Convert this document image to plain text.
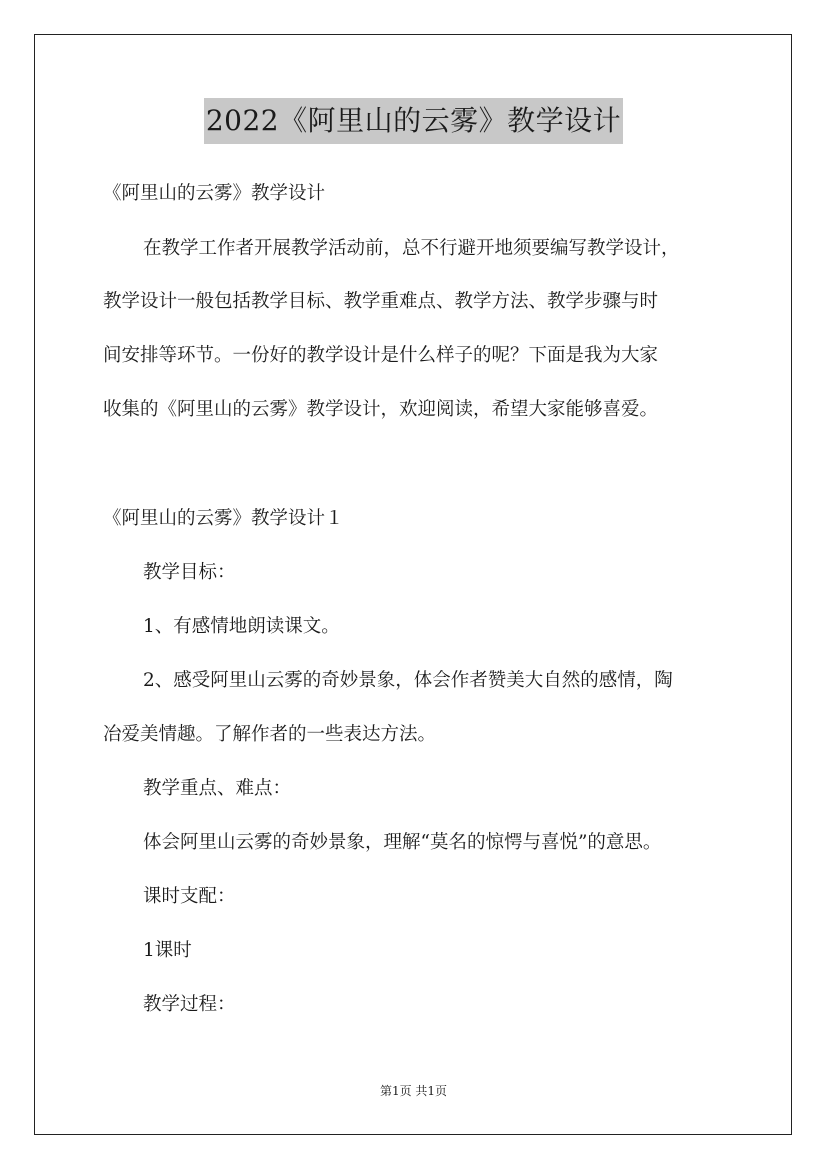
2022《阿里山的云雾》教学设计
《阿里山的云雾》教学设计
在教学工作者开展教学活动前，总不行避开地须要编写教学设计，
教学设计一般包括教学目标、教学重难点、教学方法、教学步骤与时
间安排等环节。一份好的教学设计是什么样子的呢？下面是我为大家
收集的《阿里山的云雾》教学设计，欢迎阅读，希望大家能够喜爱。
《阿里山的云雾》教学设计１
教学目标：
1、有感情地朗读课文。
2、感受阿里山云雾的奇妙景象，体会作者赞美大自然的感情，陶
冶爱美情趣。了解作者的一些表达方法。
教学重点、难点：
体会阿里山云雾的奇妙景象，理解“莫名的惊愕与喜悦”的意思。
课时支配：
1课时
教学过程：
第1页 共1页
